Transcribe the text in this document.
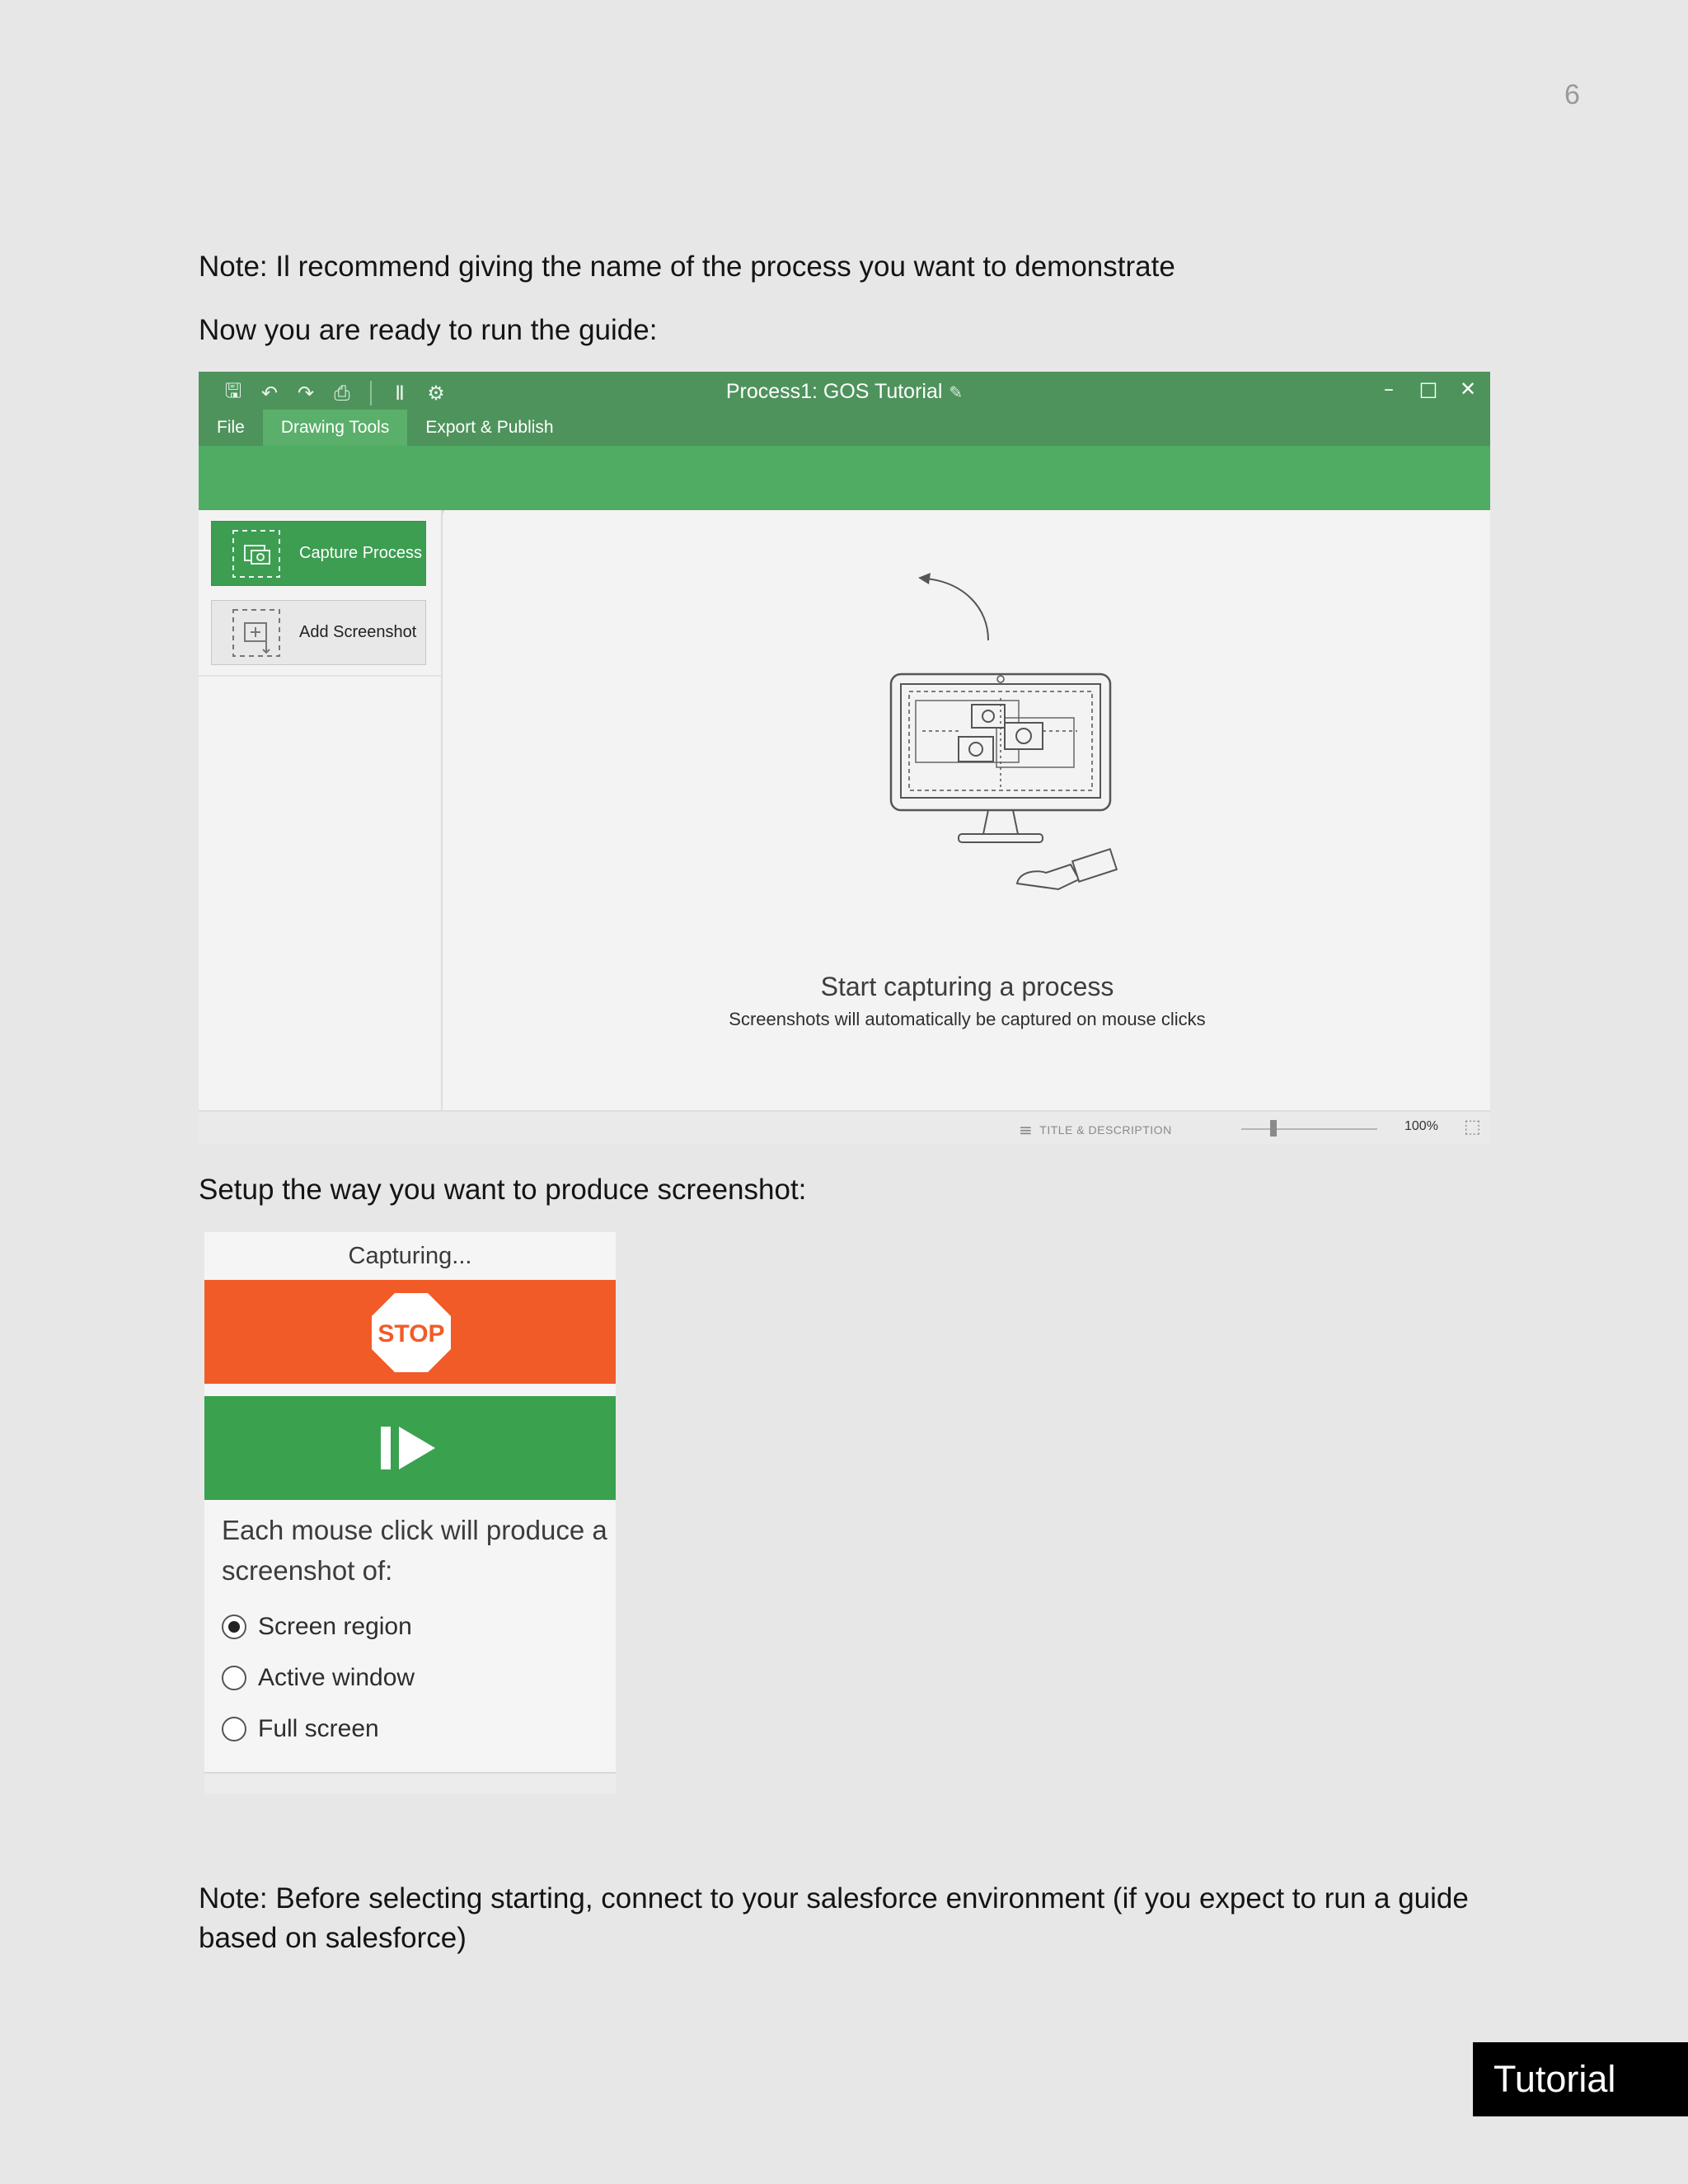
6

Note: Il recommend giving the name of the process you want to demonstrate

Now you are ready to run the guide:

🖫 ↶ ↷	⎙	Ⅱ	⚙	Process1: GOS Tutorial ✎	–	□ ✕
File	Drawing Tools	Export & Publish
Capture Process
Add Screenshot
Start capturing a process
Screenshots will automatically be captured on mouse clicks
≡ TITLE & DESCRIPTION	100% ⬚

Setup the way you want to produce screenshot:

Capturing...
STOP
Each mouse click will produce a screenshot of:
Screen region
Active window
Full screen

Note: Before selecting starting, connect to your salesforce environment (if you expect to run a guide based on salesforce)

Tutorial
